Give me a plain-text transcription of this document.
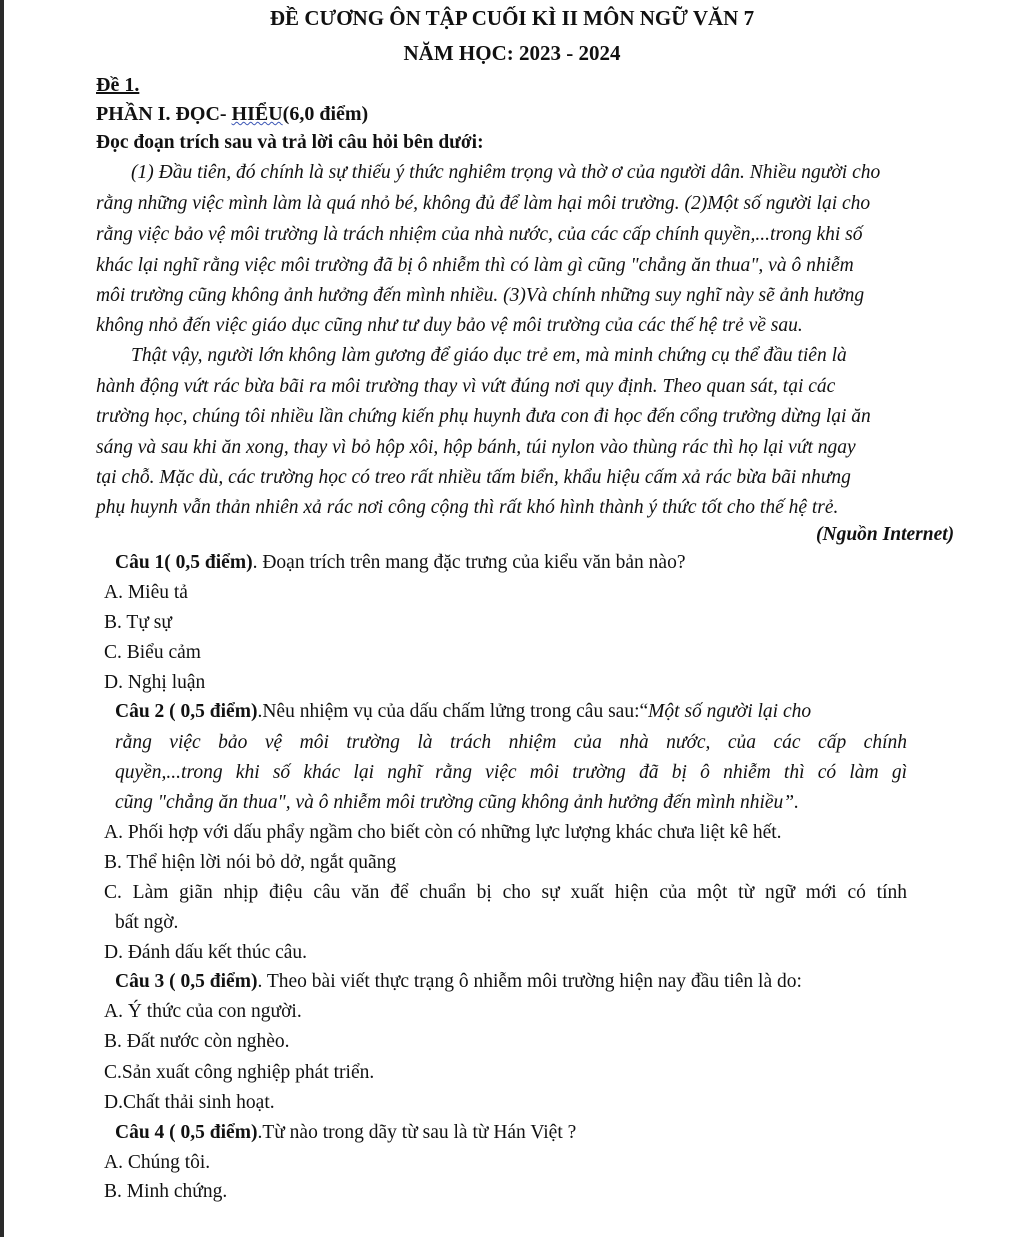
ĐỀ CƯƠNG ÔN TẬP CUỐI KÌ II MÔN NGỮ VĂN 7
NĂM HỌC: 2023 - 2024
Đề 1.
PHẦN I. ĐỌC- HIỂU(6,0 điểm)
Đọc đoạn trích sau và trả lời câu hỏi bên dưới:
(1) Đầu tiên, đó chính là sự thiếu ý thức nghiêm trọng và thờ ơ của người dân. Nhiều người cho
rằng những việc mình làm là quá nhỏ bé, không đủ để làm hại môi trường. (2)Một số người lại cho
rằng việc bảo vệ môi trường là trách nhiệm của nhà nước, của các cấp chính quyền,...trong khi số
khác lại nghĩ rằng việc môi trường đã bị ô nhiễm thì có làm gì cũng "chẳng ăn thua", và ô nhiễm
môi trường cũng không ảnh hưởng đến mình nhiều. (3)Và chính những suy nghĩ này sẽ ảnh hưởng
không nhỏ đến việc giáo dục cũng như tư duy bảo vệ môi trường của các thế hệ trẻ về sau.
Thật vậy, người lớn không làm gương để giáo dục trẻ em, mà minh chứng cụ thể đầu tiên là
hành động vứt rác bừa bãi ra môi trường thay vì vứt đúng nơi quy định. Theo quan sát, tại các
trường học, chúng tôi nhiều lần chứng kiến phụ huynh đưa con đi học đến cổng trường dừng lại ăn
sáng và sau khi ăn xong, thay vì bỏ hộp xôi, hộp bánh, túi nylon vào thùng rác thì họ lại vứt ngay
tại chỗ. Mặc dù, các trường học có treo rất nhiều tấm biển, khẩu hiệu cấm xả rác bừa bãi nhưng
phụ huynh vẫn thản nhiên xả rác nơi công cộng thì rất khó hình thành ý thức tốt cho thế hệ trẻ.
(Nguồn Internet)
Câu 1( 0,5 điểm). Đoạn trích trên mang đặc trưng của kiểu văn bản nào?
A. Miêu tả
B. Tự sự
C. Biểu cảm
D. Nghị luận
Câu 2 ( 0,5 điểm).Nêu nhiệm vụ của dấu chấm lửng trong câu sau:“Một số người lại cho
rằng việc bảo vệ môi trường là trách nhiệm của nhà nước, của các cấp chính
quyền,...trong khi số khác lại nghĩ rằng việc môi trường đã bị ô nhiễm thì có làm gì
cũng "chẳng ăn thua", và ô nhiễm môi trường cũng không ảnh hưởng đến mình nhiều”.
A. Phối hợp với dấu phẩy ngầm cho biết còn có những lực lượng khác chưa liệt kê hết.
B. Thể hiện lời nói bỏ dở, ngắt quãng
C. Làm giãn nhịp điệu câu văn để chuẩn bị cho sự xuất hiện của một từ ngữ mới có tính
bất ngờ.
D. Đánh dấu kết thúc câu.
Câu 3 ( 0,5 điểm). Theo bài viết thực trạng ô nhiễm môi trường hiện nay đầu tiên là do:
A. Ý thức của con người.
B. Đất nước còn nghèo.
C.Sản xuất công nghiệp phát triển.
D.Chất thải sinh hoạt.
Câu 4 ( 0,5 điểm).Từ nào trong dãy từ sau là từ Hán Việt ?
A. Chúng tôi.
B. Minh chứng.
